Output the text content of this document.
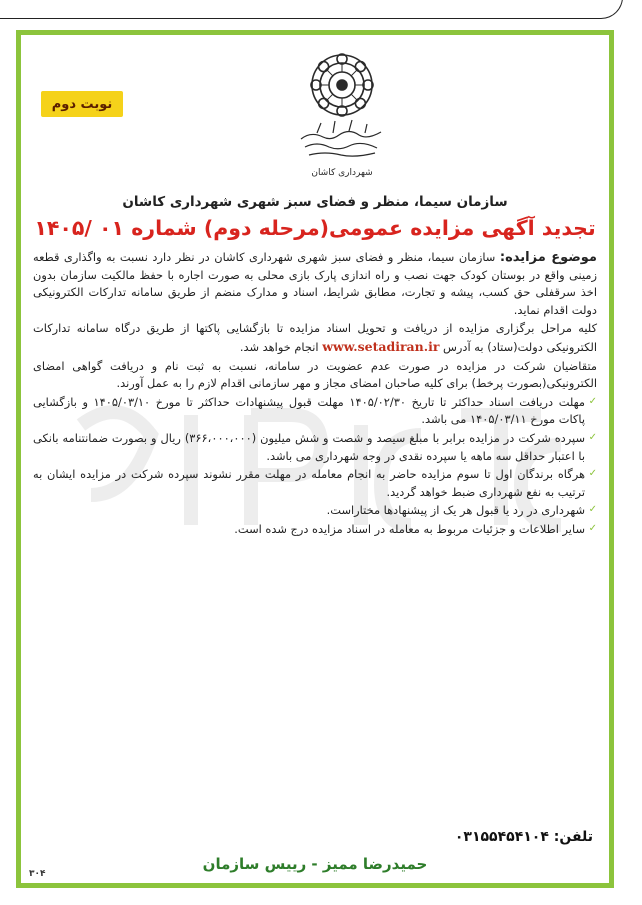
نوبت دوم
شهرداری کاشان
سازمان سیما، منظر و فضای سبز شهری شهرداری کاشان
تجدید آگهی مزایده عمومی(مرحله دوم) شماره ۰۱ /۱۴۰۵

موضوع مزایده: سازمان سیما، منظر و فضای سبز شهری شهرداری کاشان در نظر دارد نسبت به واگذاری قطعه زمینی واقع در بوستان کودک جهت نصب و راه اندازی پارک بازی محلی به صورت اجاره با حفظ مالکیت سازمان بدون اخذ سرقفلی حق کسب، پیشه و تجارت، مطابق شرایط، اسناد و مدارک منضم از طریق سامانه تدارکات الکترونیکی دولت اقدام نماید.

کلیه مراحل برگزاری مزایده از دریافت و تحویل اسناد مزایده تا بازگشایی پاکتها از طریق درگاه سامانه تدارکات الکترونیکی دولت(ستاد) به آدرس www.setadiran.ir انجام خواهد شد.

متقاضیان شرکت در مزایده در صورت عدم عضویت در سامانه، نسبت به ثبت نام و دریافت گواهی امضای الکترونیکی(بصورت پرخط) برای کلیه صاحبان امضای مجاز و مهر سازمانی اقدام لازم را به عمل آورند.

✓
مهلت دریافت اسناد حداکثر تا تاریخ ۱۴۰۵/۰۲/۳۰ مهلت قبول پیشنهادات حداکثر تا مورخ ۱۴۰۵/۰۳/۱۰ و بازگشایی پاکات مورخ ۱۴۰۵/۰۳/۱۱ می باشد.
✓
سپرده شرکت در مزایده برابر با مبلغ سیصد و شصت و شش میلیون (۳۶۶،۰۰۰،۰۰۰) ریال و بصورت ضمانتنامه بانکی با اعتبار حداقل سه ماهه یا سپرده نقدی در وجه شهرداری می باشد.
✓
هرگاه برندگان اول تا سوم مزایده حاضر به انجام معامله در مهلت مقرر نشوند سپرده شرکت در مزایده ایشان به ترتیب به نفع شهرداری ضبط خواهد گردید.
✓
شهرداری در رد یا قبول هر یک از پیشنهادها مختاراست.
✓
سایر اطلاعات و جزئیات مربوط به معامله در اسناد مزایده درج شده است.
تلفن: ۰۳۱۵۵۴۵۴۱۰۴
حمیدرضا ممیز - رییس سازمان
۳۰۴
